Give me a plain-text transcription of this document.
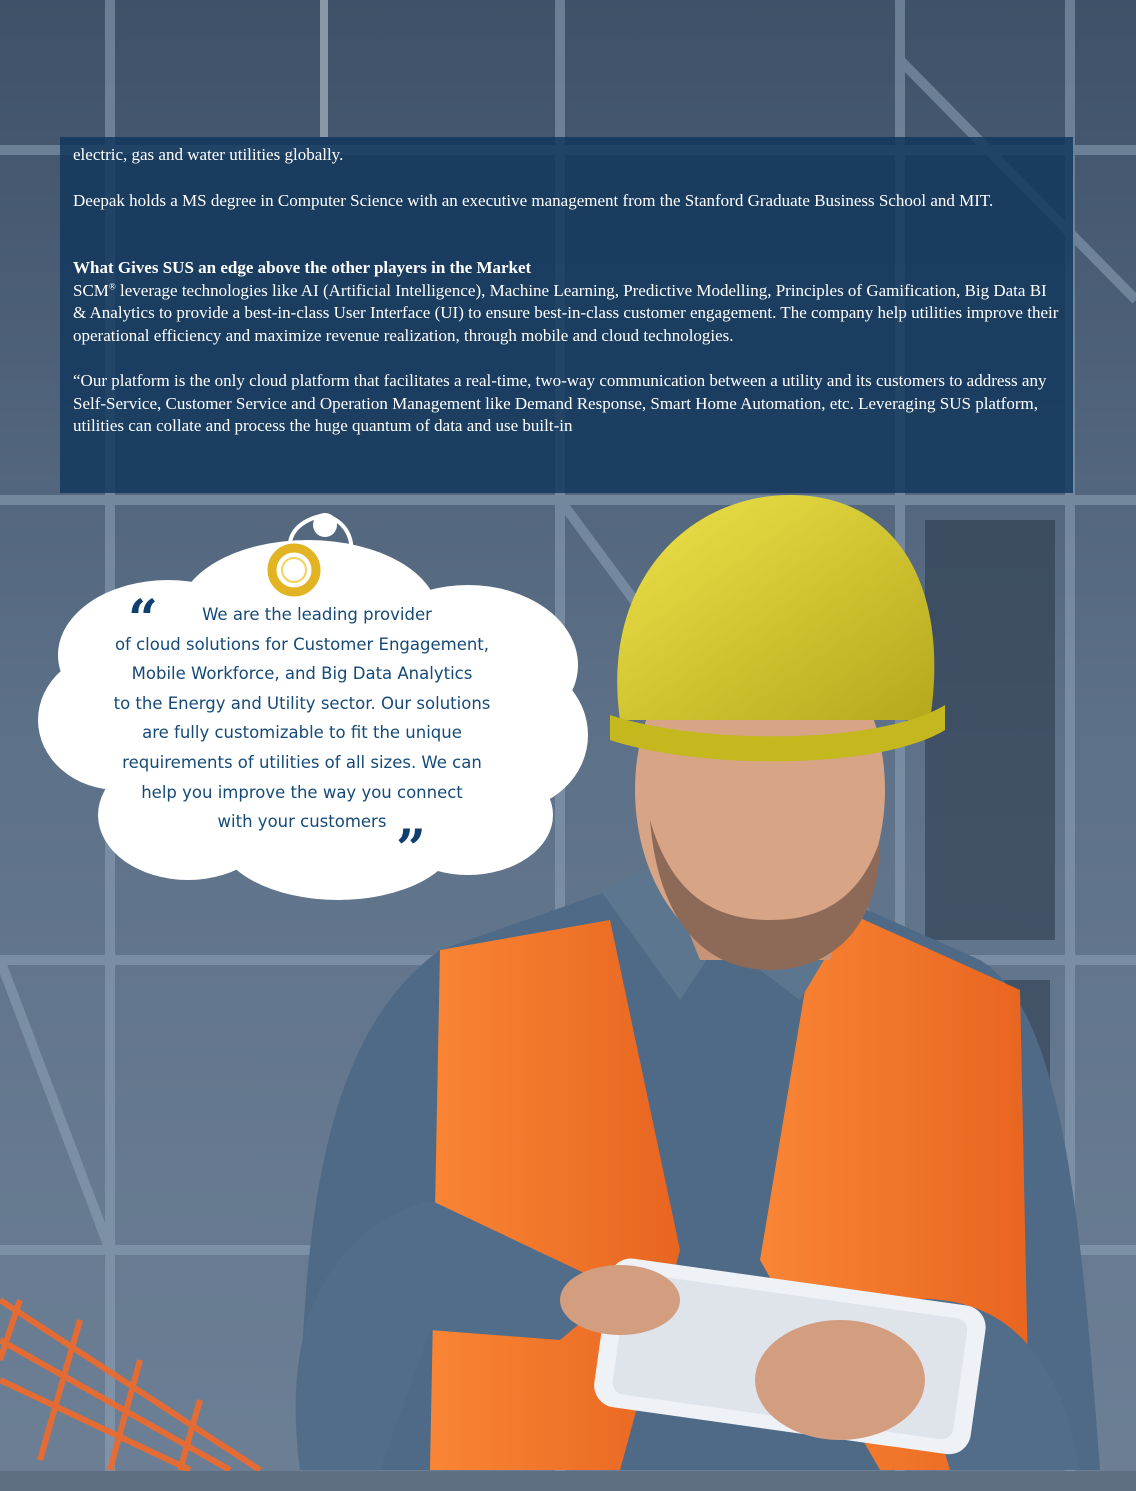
electric, gas and water utilities globally.

Deepak holds a MS degree in Computer Science with an executive management from the Stanford Graduate Business School and MIT.

What Gives SUS an edge above the other players in the Market

SCM® leverage technologies like AI (Artificial Intelligence), Machine Learning, Predictive Modelling, Principles of Gamification, Big Data BI & Analytics to provide a best-in-class User Interface (UI) to ensure best-in-class customer engagement. The company help utilities improve their operational efficiency and maximize revenue realization, through mobile and cloud technologies.

“Our platform is the only cloud platform that facilitates a real-time, two-way communication between a utility and its customers to address any Self-Service, Customer Service and Operation Management like Demand Response, Smart Home Automation, etc. Leveraging SUS platform, utilities can collate and process the huge quantum of data and use built-in

“	We are the leading provider
of cloud solutions for Customer Engagement,
Mobile Workforce, and Big Data Analytics
to the Energy and Utility sector. Our solutions
are fully customizable to fit the unique
requirements of utilities of all sizes. We can
help you improve the way you connect
with your customers ”
